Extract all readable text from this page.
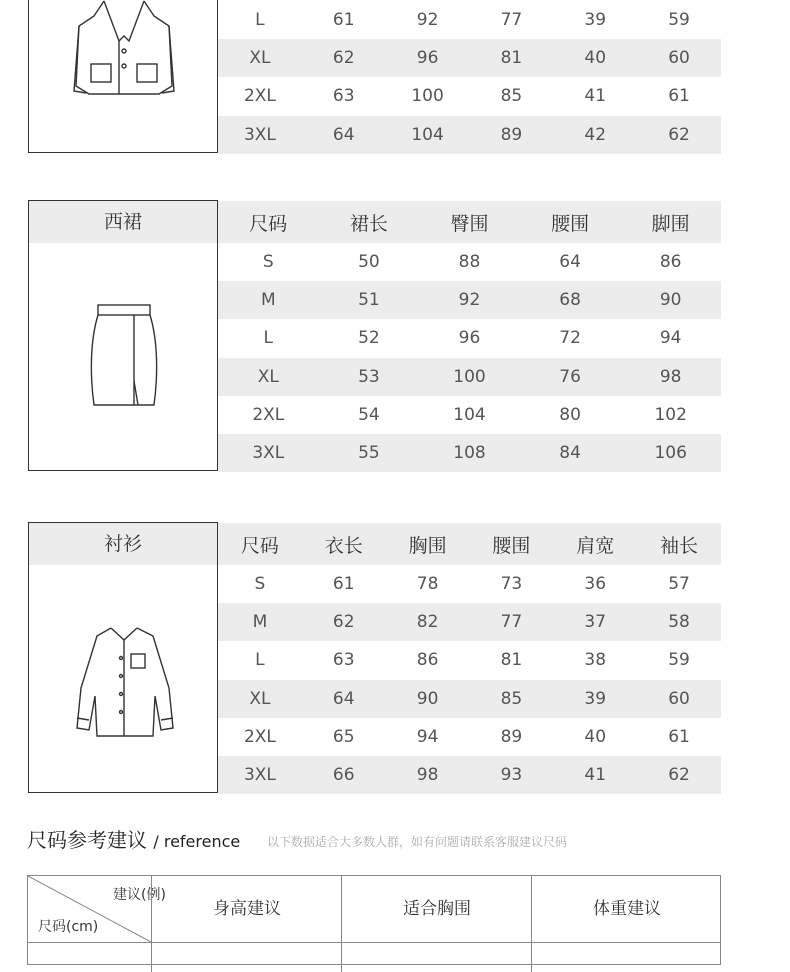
L	61	92	77	39	59
XL	62	96	81	40	60
2XL	63	100	85	41	61
3XL	64	104	89	42	62
西裙	尺码	裙长	臀围	腰围	脚围
S	50	88	64	86
M	51	92	68	90
L	52	96	72	94
XL	53	100	76	98
2XL	54	104	80	102
3XL	55	108	84	106
衬衫	尺码	衣长	胸围	腰围	肩宽	袖长
S	61	78	73	36	57
M	62	82	77	37	58
L	63	86	81	38	59
XL	64	90	85	39	60
2XL	65	94	89	40	61
3XL	66	98	93	41	62
尺码参考建议 / reference 以下数据适合大多数人群，如有问题请联系客服建议尺码
建议(例)
尺码(cm)
身高建议	适合胸围	体重建议
